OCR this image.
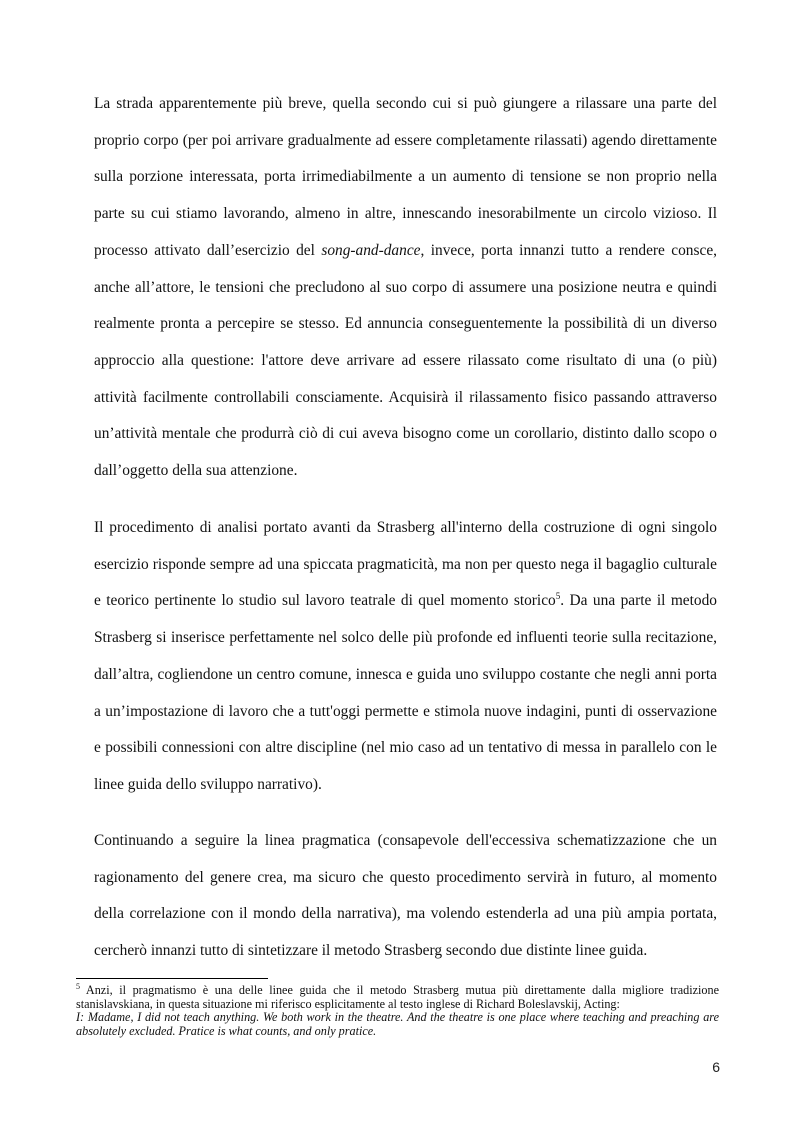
La strada apparentemente più breve, quella secondo cui si può giungere a rilassare una parte del proprio corpo (per poi arrivare gradualmente ad essere completamente rilassati) agendo direttamente sulla porzione interessata, porta irrimediabilmente a un aumento di tensione se non proprio nella parte su cui stiamo lavorando, almeno in altre, innescando inesorabilmente un circolo vizioso. Il processo attivato dall’esercizio del song-and-dance, invece, porta innanzi tutto a rendere consce, anche all’attore, le tensioni che precludono al suo corpo di assumere una posizione neutra e quindi realmente pronta a percepire se stesso. Ed annuncia conseguentemente la possibilità di un diverso approccio alla questione: l'attore deve arrivare ad essere rilassato come risultato di una (o più) attività facilmente controllabili consciamente. Acquisirà il rilassamento fisico passando attraverso un’attività mentale che produrrà ciò di cui aveva bisogno come un corollario, distinto dallo scopo o dall’oggetto della sua attenzione.

Il procedimento di analisi portato avanti da Strasberg all'interno della costruzione di ogni singolo esercizio risponde sempre ad una spiccata pragmaticità, ma non per questo nega il bagaglio culturale e teorico pertinente lo studio sul lavoro teatrale di quel momento storico$^5$. Da una parte il metodo Strasberg si inserisce perfettamente nel solco delle più profonde ed influenti teorie sulla recitazione, dall’altra, cogliendone un centro comune, innesca e guida uno sviluppo costante che negli anni porta a un’impostazione di lavoro che a tutt'oggi permette e stimola nuove indagini, punti di osservazione e possibili connessioni con altre discipline (nel mio caso ad un tentativo di messa in parallelo con le linee guida dello sviluppo narrativo).

Continuando a seguire la linea pragmatica (consapevole dell'eccessiva schematizzazione che un ragionamento del genere crea, ma sicuro che questo procedimento servirà in futuro, al momento della correlazione con il mondo della narrativa), ma volendo estenderla ad una più ampia portata, cercherò innanzi tutto di sintetizzare il metodo Strasberg secondo due distinte linee guida.

$^5$ Anzi, il pragmatismo è una delle linee guida che il metodo Strasberg mutua più direttamente dalla migliore tradizione stanislavskiana, in questa situazione mi riferisco esplicitamente al testo inglese di Richard Boleslavskij, Acting:
I: Madame, I did not teach anything. We both work in the theatre. And the theatre is one place where teaching and preaching are absolutely excluded. Pratice is what counts, and only pratice.
6
